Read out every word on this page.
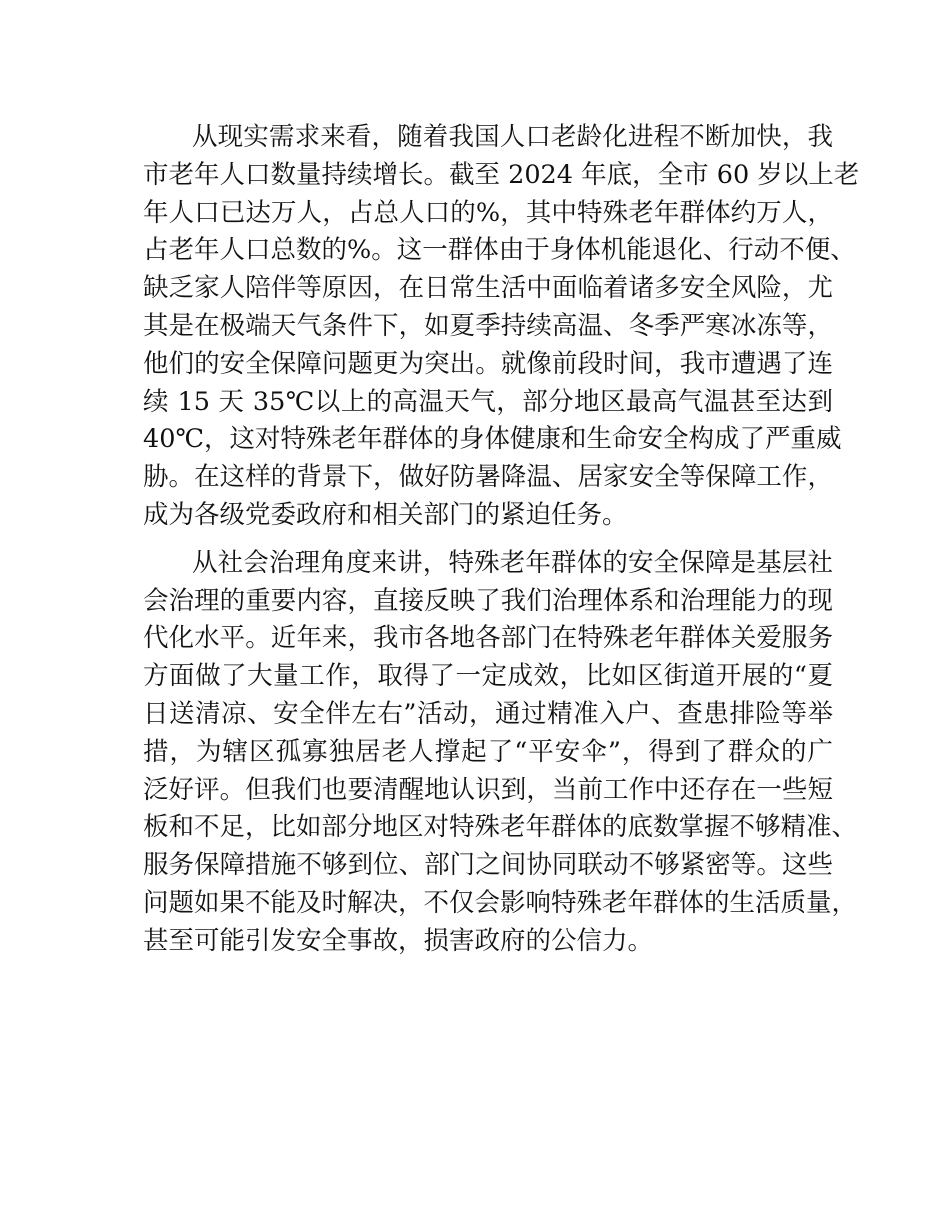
从现实需求来看，随着我国人口老龄化进程不断加快，我
市老年人口数量持续增长。截至 2024 年底，全市 60 岁以上老
年人口已达万人，占总人口的%，其中特殊老年群体约万人，
占老年人口总数的%。这一群体由于身体机能退化、行动不便、
缺乏家人陪伴等原因，在日常生活中面临着诸多安全风险，尤
其是在极端天气条件下，如夏季持续高温、冬季严寒冰冻等，
他们的安全保障问题更为突出。就像前段时间，我市遭遇了连
续 15 天 35℃以上的高温天气，部分地区最高气温甚至达到
40℃，这对特殊老年群体的身体健康和生命安全构成了严重威
胁。在这样的背景下，做好防暑降温、居家安全等保障工作，
成为各级党委政府和相关部门的紧迫任务。

从社会治理角度来讲，特殊老年群体的安全保障是基层社
会治理的重要内容，直接反映了我们治理体系和治理能力的现
代化水平。近年来，我市各地各部门在特殊老年群体关爱服务
方面做了大量工作，取得了一定成效，比如区街道开展的“夏
日送清凉、安全伴左右”活动，通过精准入户、查患排险等举
措，为辖区孤寡独居老人撑起了“平安伞”，得到了群众的广
泛好评。但我们也要清醒地认识到，当前工作中还存在一些短
板和不足，比如部分地区对特殊老年群体的底数掌握不够精准、
服务保障措施不够到位、部门之间协同联动不够紧密等。这些
问题如果不能及时解决，不仅会影响特殊老年群体的生活质量，
甚至可能引发安全事故，损害政府的公信力。
